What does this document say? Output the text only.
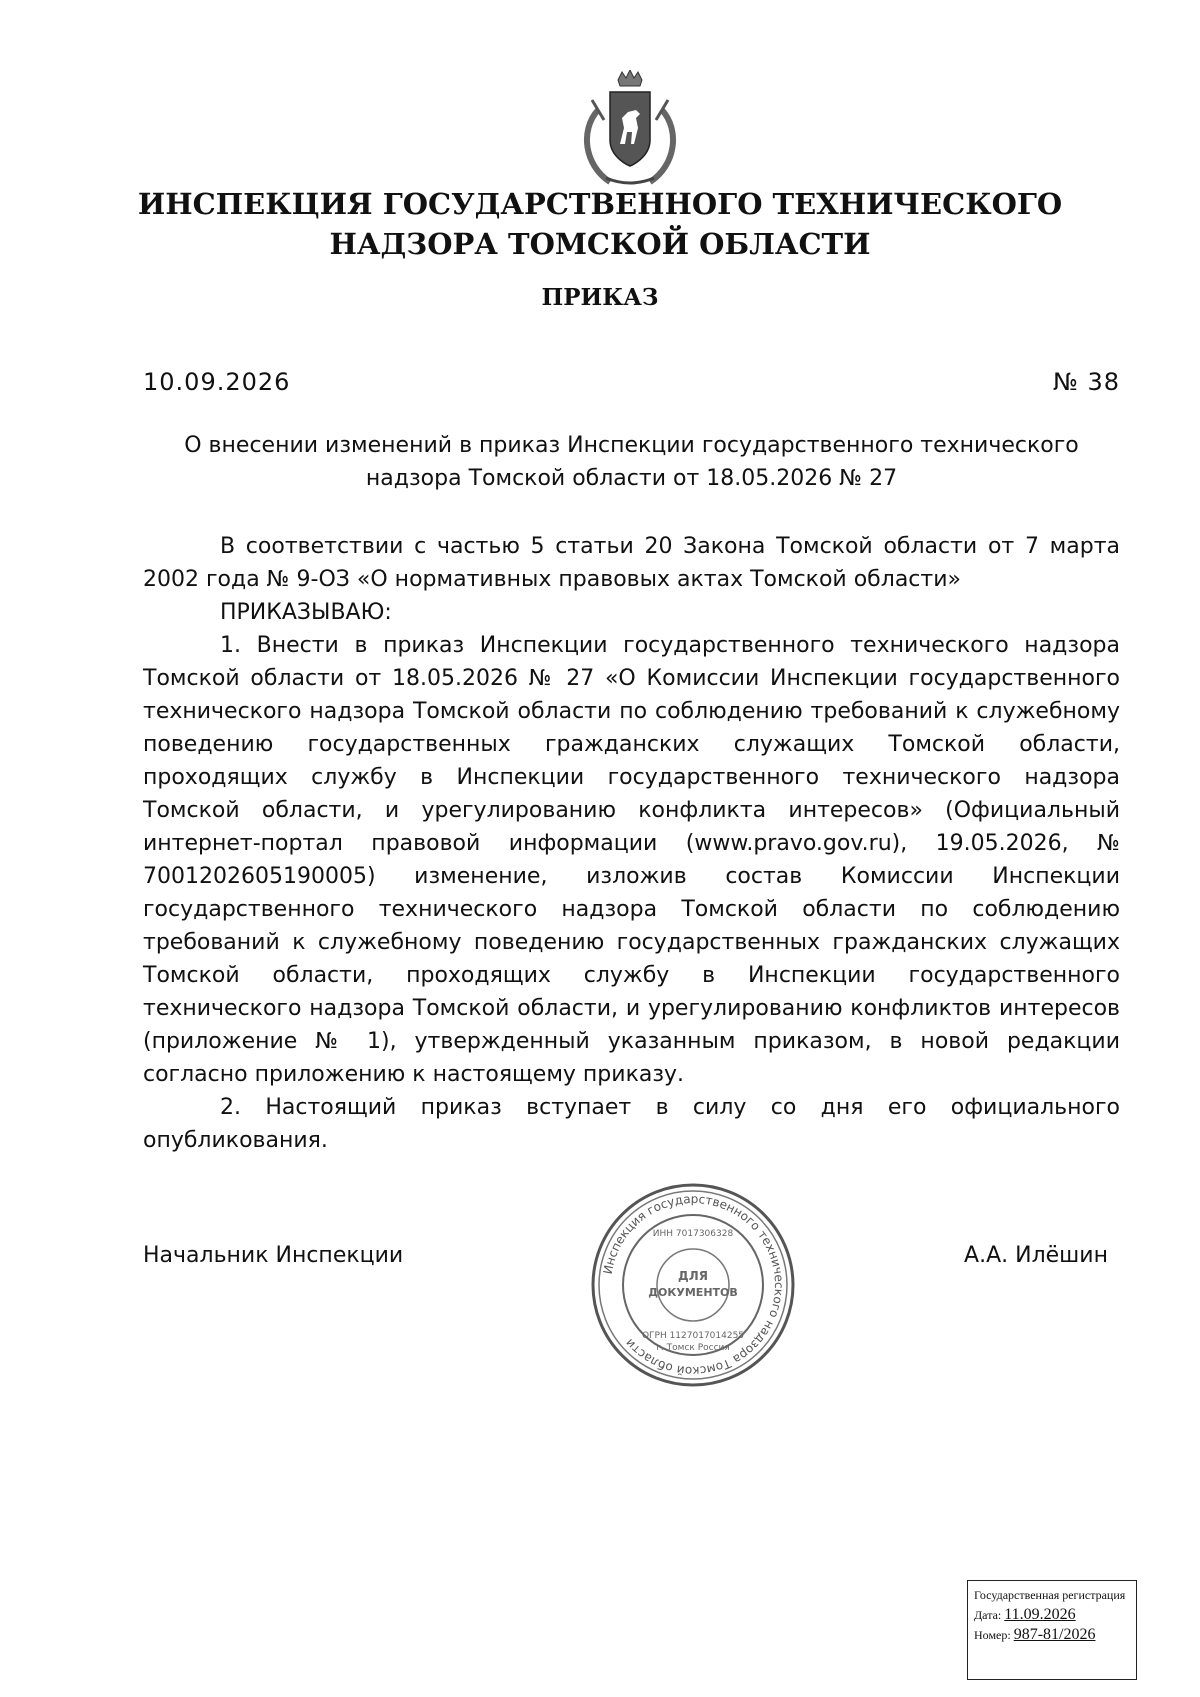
ИНСПЕКЦИЯ ГОСУДАРСТВЕННОГО ТЕХНИЧЕСКОГО
НАДЗОРА ТОМСКОЙ ОБЛАСТИ
ПРИКАЗ
10.09.2026	№ 38

О внесении изменений в приказ Инспекции государственного технического
надзора Томской области от 18.05.2026 № 27

В соответствии с частью 5 статьи 20 Закона Томской области от 7 марта 2002 года № 9-ОЗ «О нормативных правовых актах Томской области»

ПРИКАЗЫВАЮ:

1. Внести в приказ Инспекции государственного технического надзора Томской области от 18.05.2026 № 27 «О Комиссии Инспекции государственного технического надзора Томской области по соблюдению требований к служебному поведению государственных гражданских служащих Томской области, проходящих службу в Инспекции государственного технического надзора Томской области, и урегулированию конфликта интересов» (Официальный интернет-портал правовой информации (www.pravo.gov.ru), 19.05.2026, № 7001202605190005) изменение, изложив состав Комиссии Инспекции государственного технического надзора Томской области по соблюдению требований к служебному поведению государственных гражданских служащих Томской области, проходящих службу в Инспекции государственного технического надзора Томской области, и урегулированию конфликтов интересов (приложение № 1), утвержденный указанным приказом, в новой редакции согласно приложению к настоящему приказу.

2. Настоящий приказ вступает в силу со дня его официального опубликования.

Начальник Инспекции	А.А. Илёшин
Инспекция государственного технического надзора Томской области
ИНН 7017306328
ДЛЯ
ДОКУМЕНТОВ
ОГРН 1127017014255
г. Томск Россия
Государственная регистрация
Дата: 11.09.2026
Номер: 987-81/2026
